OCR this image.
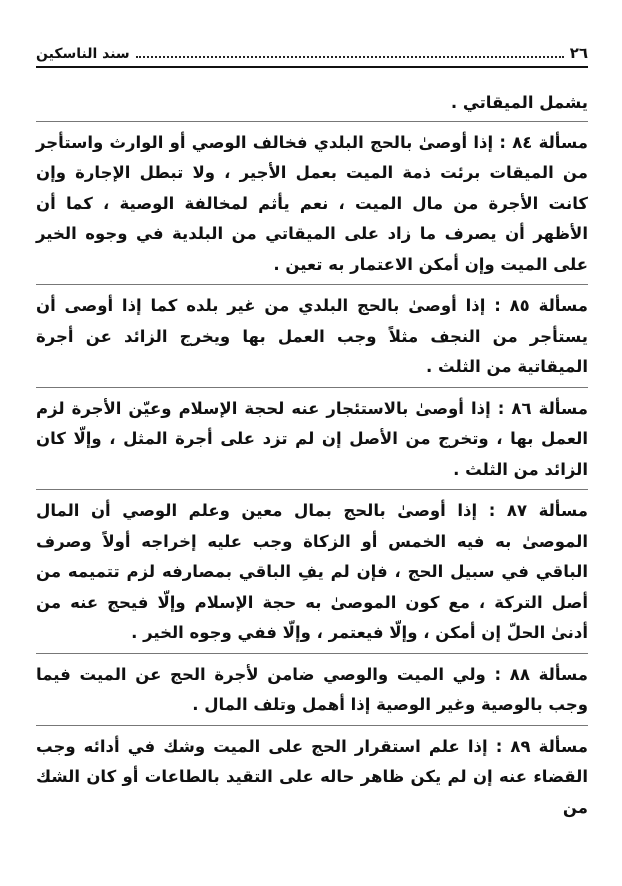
سند الناسكين	٢٦

يشمل الميقاتي .

مسألة ٨٤ : إذا أوصىٰ بالحج البلدي فخالف الوصي أو الوارث واستأجر من الميقات برئت ذمة الميت بعمل الأجير ، ولا تبطل الإجارة وإن كانت الأجرة من مال الميت ، نعم يأثم لمخالفة الوصية ، كما أن الأظهر أن يصرف ما زاد على الميقاتي من البلدية في وجوه الخير على الميت وإن أمكن الاعتمار به تعين .

مسألة ٨٥ : إذا أوصىٰ بالحج البلدي من غير بلده كما إذا أوصى أن يستأجر من النجف مثلاً وجب العمل بها ويخرج الزائد عن أجرة الميقاتية من الثلث .

مسألة ٨٦ : إذا أوصىٰ بالاستئجار عنه لحجة الإسلام وعيّن الأجرة لزم العمل بها ، وتخرج من الأصل إن لم تزد على أجرة المثل ، وإلّا كان الزائد من الثلث .

مسألة ٨٧ : إذا أوصىٰ بالحج بمال معين وعلم الوصي أن المال الموصىٰ به فيه الخمس أو الزكاة وجب عليه إخراجه أولاً وصرف الباقي في سبيل الحج ، فإن لم يفِ الباقي بمصارفه لزم تتميمه من أصل التركة ، مع كون الموصىٰ به حجة الإسلام وإلّا فيحج عنه من أدنىٰ الحلّ إن أمكن ، وإلّا فيعتمر ، وإلّا ففي وجوه الخير .

مسألة ٨٨ : ولي الميت والوصي ضامن لأجرة الحج عن الميت فيما وجب بالوصية وغير الوصية إذا أهمل وتلف المال .

مسألة ٨٩ : إذا علم استقرار الحج على الميت وشك في أدائه وجب القضاء عنه إن لم يكن ظاهر حاله على التقيد بالطاعات أو كان الشك من
